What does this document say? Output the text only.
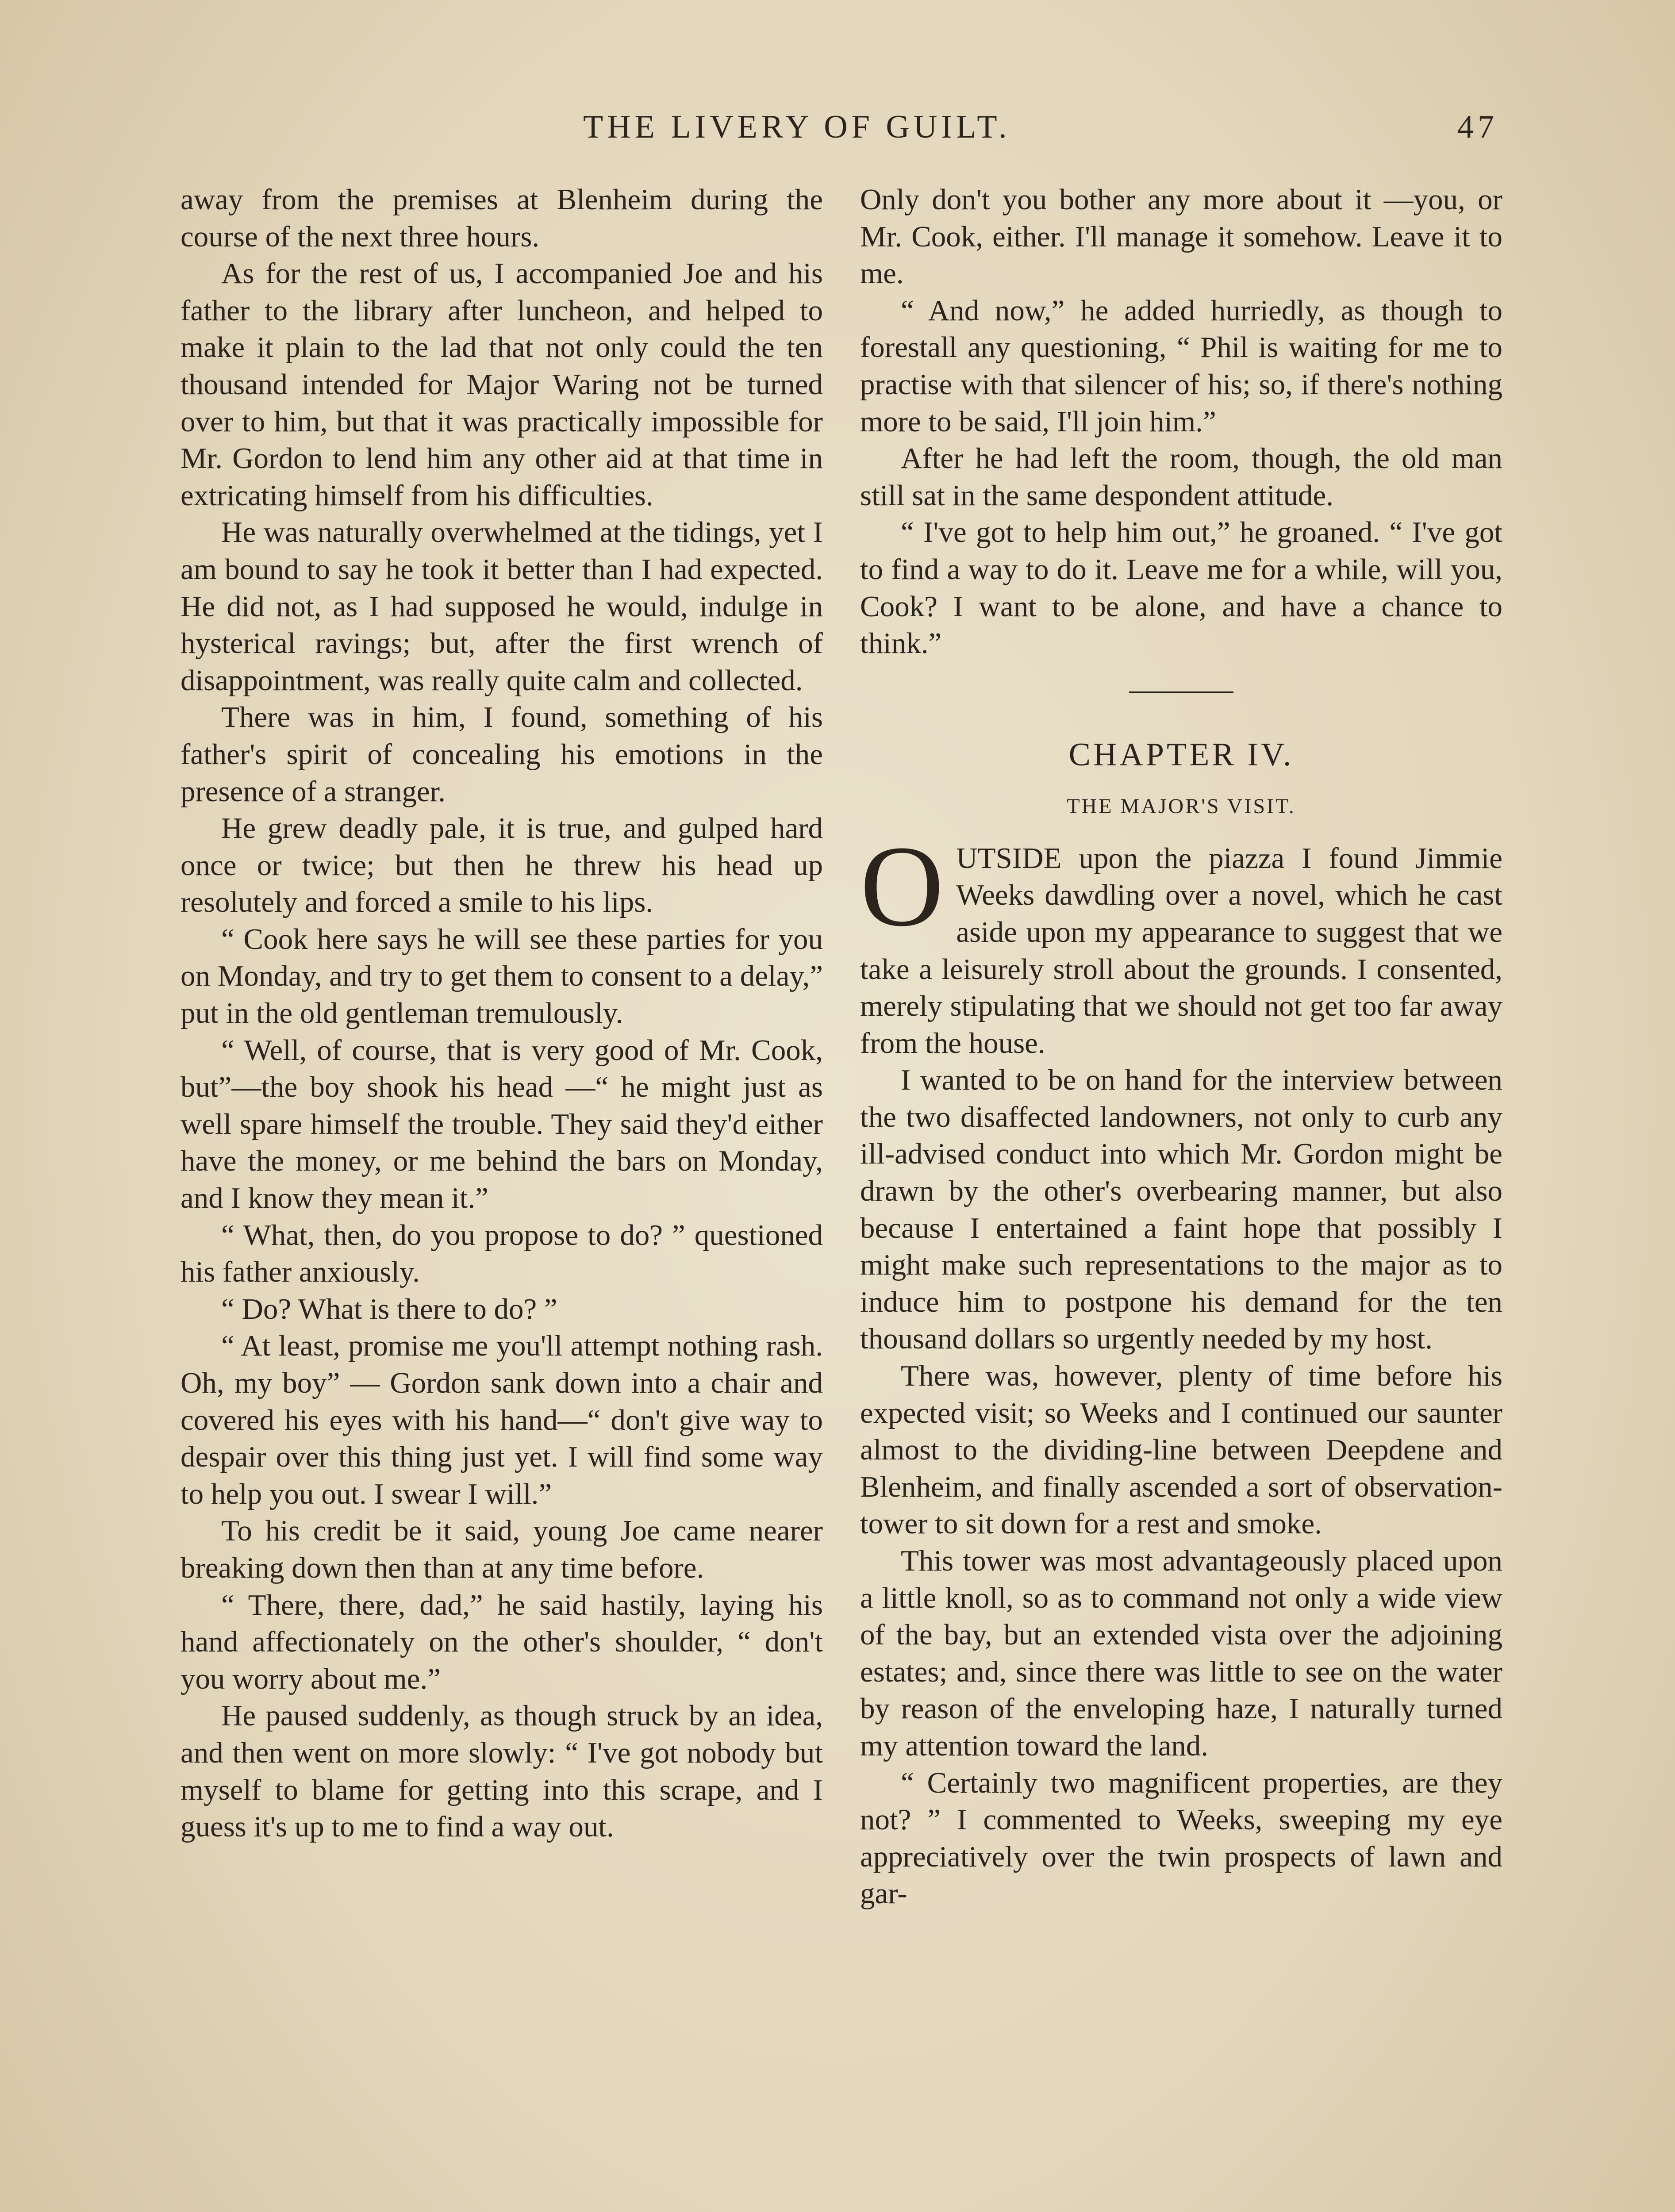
THE LIVERY OF GUILT.	47

away from the premises at Blenheim during the course of the next three hours.

As for the rest of us, I accompanied Joe and his father to the library after luncheon, and helped to make it plain to the lad that not only could the ten thousand intended for Major Waring not be turned over to him, but that it was practically impossible for Mr. Gordon to lend him any other aid at that time in extricating himself from his difficulties.

He was naturally overwhelmed at the tidings, yet I am bound to say he took it better than I had expected. He did not, as I had supposed he would, indulge in hysterical ravings; but, after the first wrench of disappointment, was really quite calm and collected.

There was in him, I found, something of his father's spirit of concealing his emotions in the presence of a stranger.

He grew deadly pale, it is true, and gulped hard once or twice; but then he threw his head up resolutely and forced a smile to his lips.

“ Cook here says he will see these parties for you on Monday, and try to get them to consent to a delay,” put in the old gentleman tremulously.

“ Well, of course, that is very good of Mr. Cook, but”—the boy shook his head —“ he might just as well spare himself the trouble. They said they'd either have the money, or me behind the bars on Monday, and I know they mean it.”

“ What, then, do you propose to do? ” questioned his father anxiously.

“ Do? What is there to do? ”

“ At least, promise me you'll attempt nothing rash. Oh, my boy” — Gordon sank down into a chair and covered his eyes with his hand—“ don't give way to despair over this thing just yet. I will find some way to help you out. I swear I will.”

To his credit be it said, young Joe came nearer breaking down then than at any time before.

“ There, there, dad,” he said hastily, laying his hand affectionately on the other's shoulder, “ don't you worry about me.”

He paused suddenly, as though struck by an idea, and then went on more slowly: “ I've got nobody but myself to blame for getting into this scrape, and I guess it's up to me to find a way out.

Only don't you bother any more about it —you, or Mr. Cook, either. I'll manage it somehow. Leave it to me.

“ And now,” he added hurriedly, as though to forestall any questioning, “ Phil is waiting for me to practise with that silencer of his; so, if there's nothing more to be said, I'll join him.”

After he had left the room, though, the old man still sat in the same despondent attitude.

“ I've got to help him out,” he groaned. “ I've got to find a way to do it. Leave me for a while, will you, Cook? I want to be alone, and have a chance to think.”

CHAPTER IV.
THE MAJOR'S VISIT.

OUTSIDE upon the piazza I found Jimmie Weeks dawdling over a novel, which he cast aside upon my appearance to suggest that we take a leisurely stroll about the grounds. I consented, merely stipulating that we should not get too far away from the house.

I wanted to be on hand for the interview between the two disaffected landowners, not only to curb any ill-advised conduct into which Mr. Gordon might be drawn by the other's overbearing manner, but also because I entertained a faint hope that possibly I might make such representations to the major as to induce him to postpone his demand for the ten thousand dollars so urgently needed by my host.

There was, however, plenty of time before his expected visit; so Weeks and I continued our saunter almost to the dividing-line between Deepdene and Blenheim, and finally ascended a sort of observation-tower to sit down for a rest and smoke.

This tower was most advantageously placed upon a little knoll, so as to command not only a wide view of the bay, but an extended vista over the adjoining estates; and, since there was little to see on the water by reason of the enveloping haze, I naturally turned my attention toward the land.

“ Certainly two magnificent properties, are they not? ” I commented to Weeks, sweeping my eye appreciatively over the twin prospects of lawn and gar-
